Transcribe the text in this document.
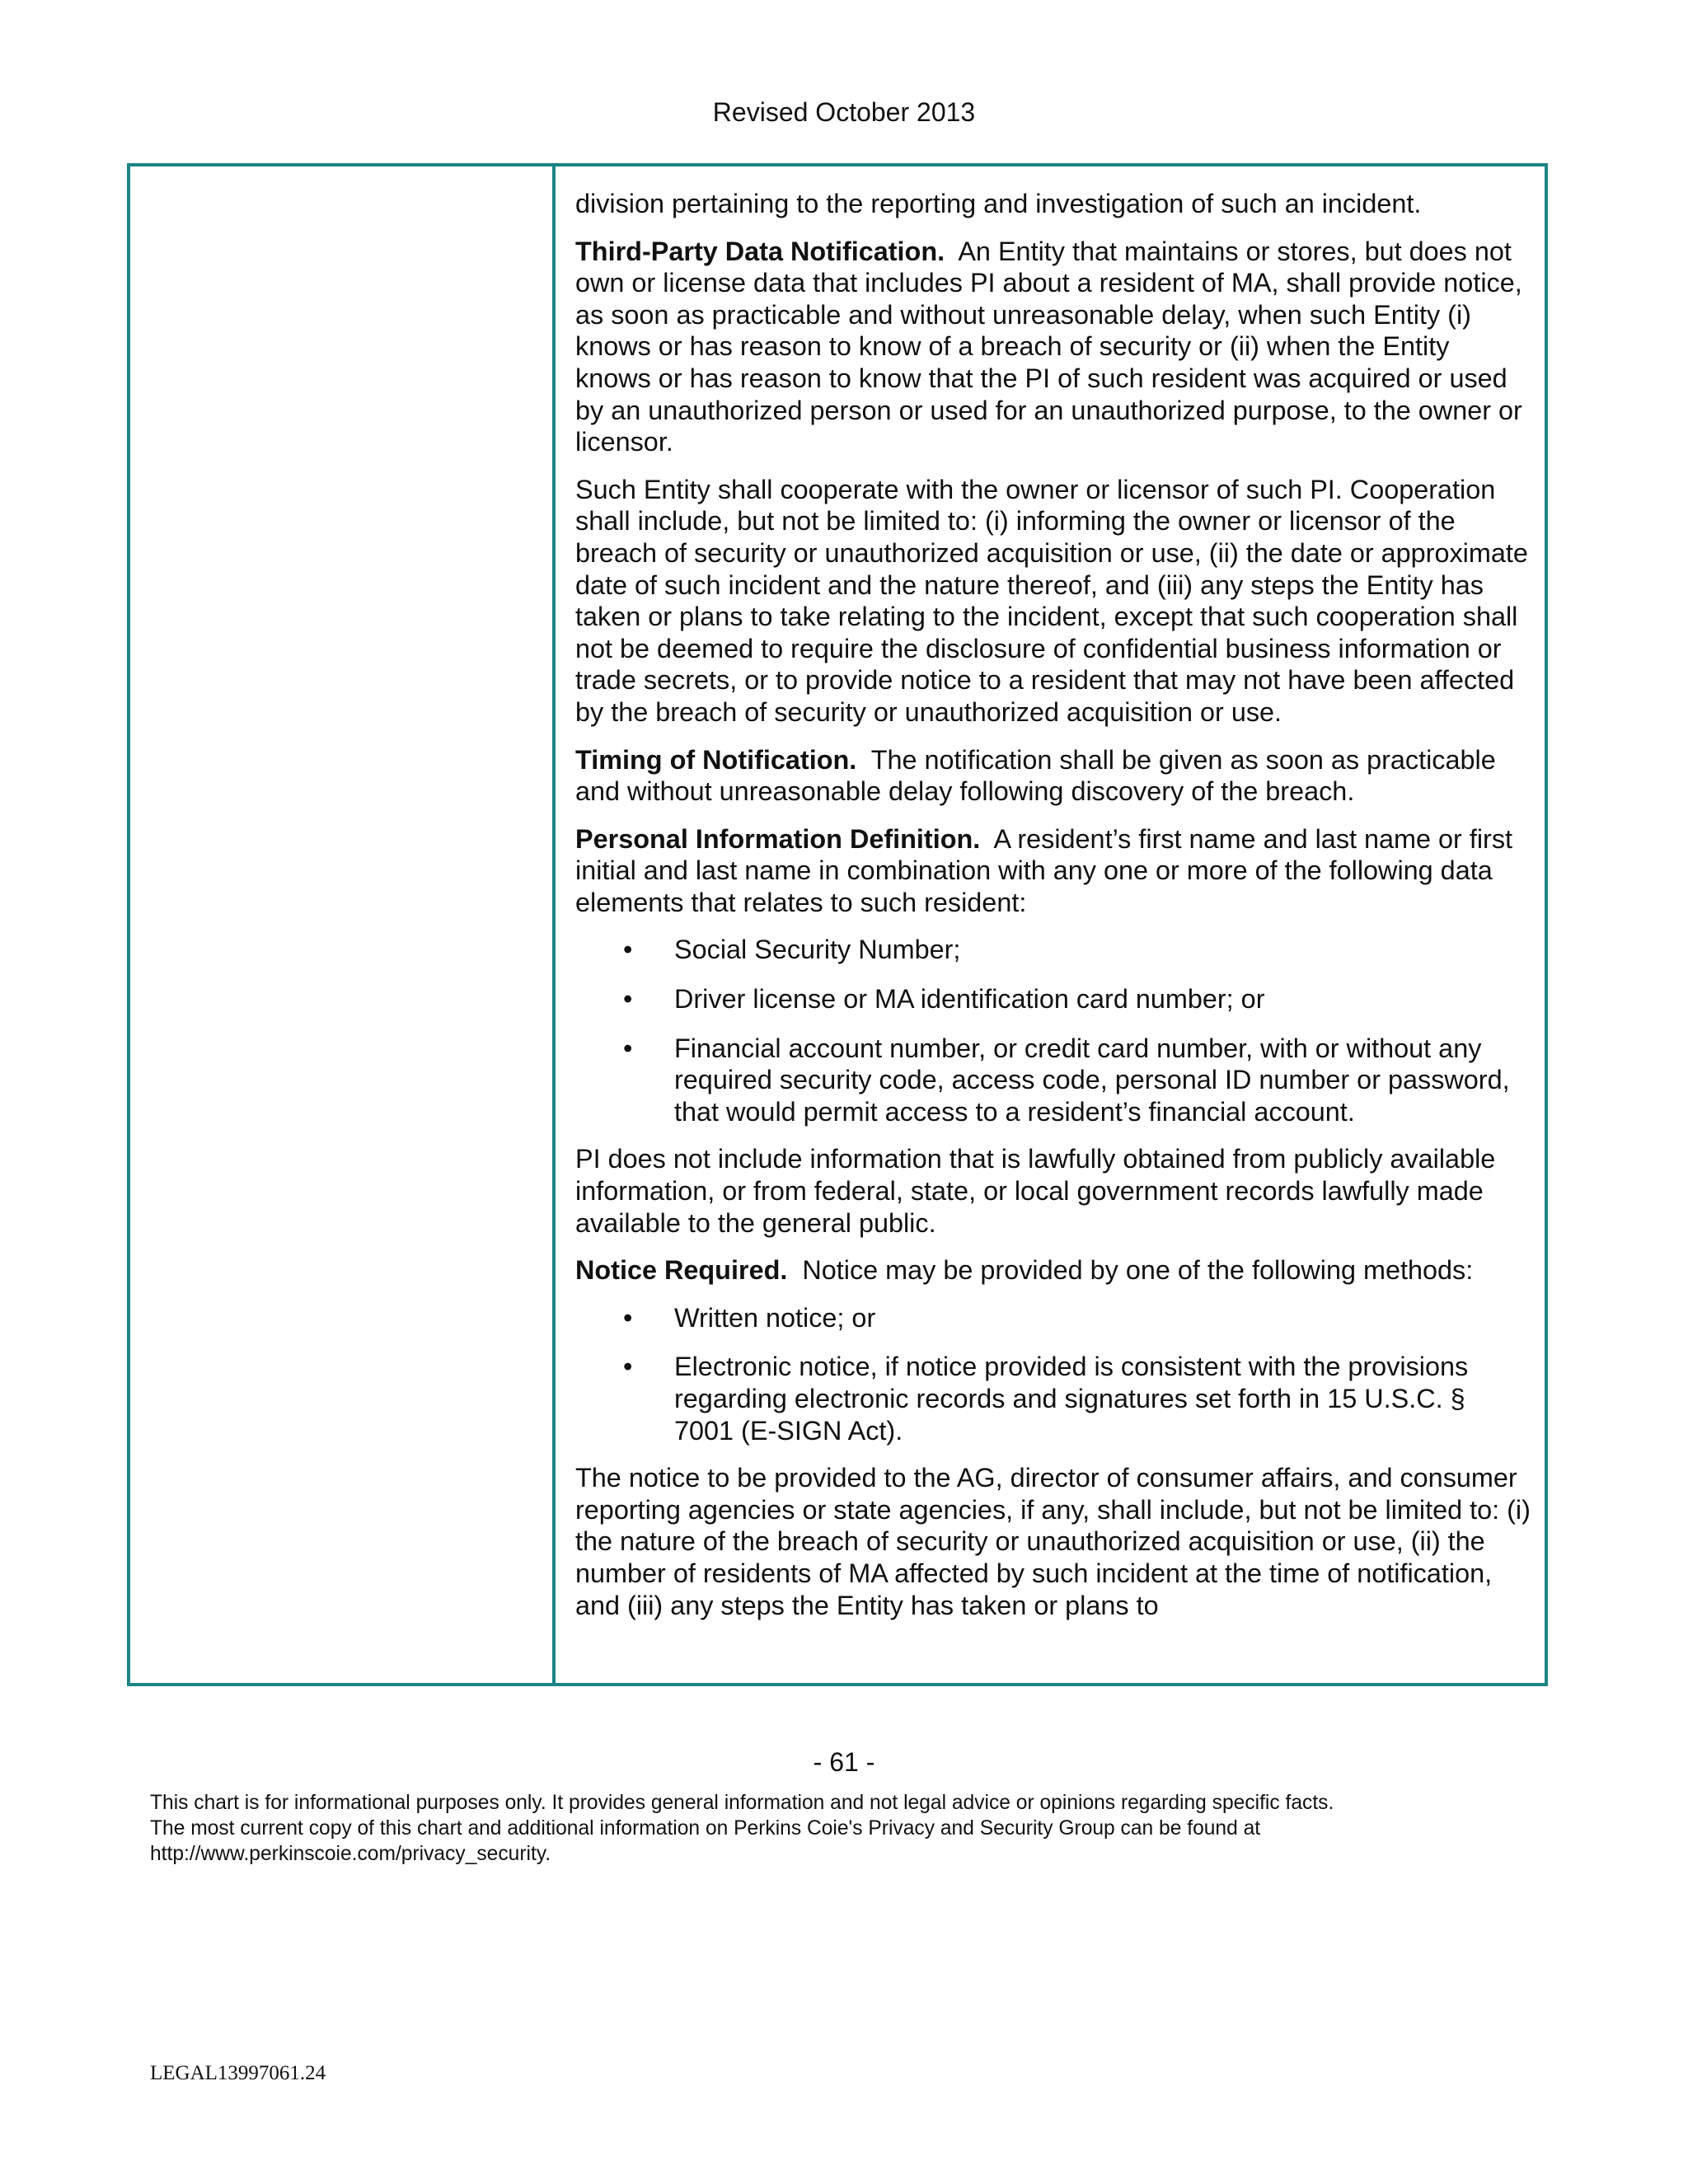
Revised October 2013

division pertaining to the reporting and investigation of such an incident.

Third-Party Data Notification. An Entity that maintains or stores, but does not own or license data that includes PI about a resident of MA, shall provide notice, as soon as practicable and without unreasonable delay, when such Entity (i) knows or has reason to know of a breach of security or (ii) when the Entity knows or has reason to know that the PI of such resident was acquired or used by an unauthorized person or used for an unauthorized purpose, to the owner or licensor.

Such Entity shall cooperate with the owner or licensor of such PI. Cooperation shall include, but not be limited to: (i) informing the owner or licensor of the breach of security or unauthorized acquisition or use, (ii) the date or approximate date of such incident and the nature thereof, and (iii) any steps the Entity has taken or plans to take relating to the incident, except that such cooperation shall not be deemed to require the disclosure of confidential business information or trade secrets, or to provide notice to a resident that may not have been affected by the breach of security or unauthorized acquisition or use.

Timing of Notification. The notification shall be given as soon as practicable and without unreasonable delay following discovery of the breach.

Personal Information Definition. A resident’s first name and last name or first initial and last name in combination with any one or more of the following data elements that relates to such resident:

• Social Security Number;
• Driver license or MA identification card number; or
• Financial account number, or credit card number, with or without any required security code, access code, personal ID number or password, that would permit access to a resident’s financial account.

PI does not include information that is lawfully obtained from publicly available information, or from federal, state, or local government records lawfully made available to the general public.

Notice Required. Notice may be provided by one of the following methods:

• Written notice; or
• Electronic notice, if notice provided is consistent with the provisions regarding electronic records and signatures set forth in 15 U.S.C. § 7001 (E-SIGN Act).

The notice to be provided to the AG, director of consumer affairs, and consumer reporting agencies or state agencies, if any, shall include, but not be limited to: (i) the nature of the breach of security or unauthorized acquisition or use, (ii) the number of residents of MA affected by such incident at the time of notification, and (iii) any steps the Entity has taken or plans to

- 61 -
This chart is for informational purposes only. It provides general information and not legal advice or opinions regarding specific facts.
The most current copy of this chart and additional information on Perkins Coie's Privacy and Security Group can be found at
http://www.perkinscoie.com/privacy_security.
LEGAL13997061.24
